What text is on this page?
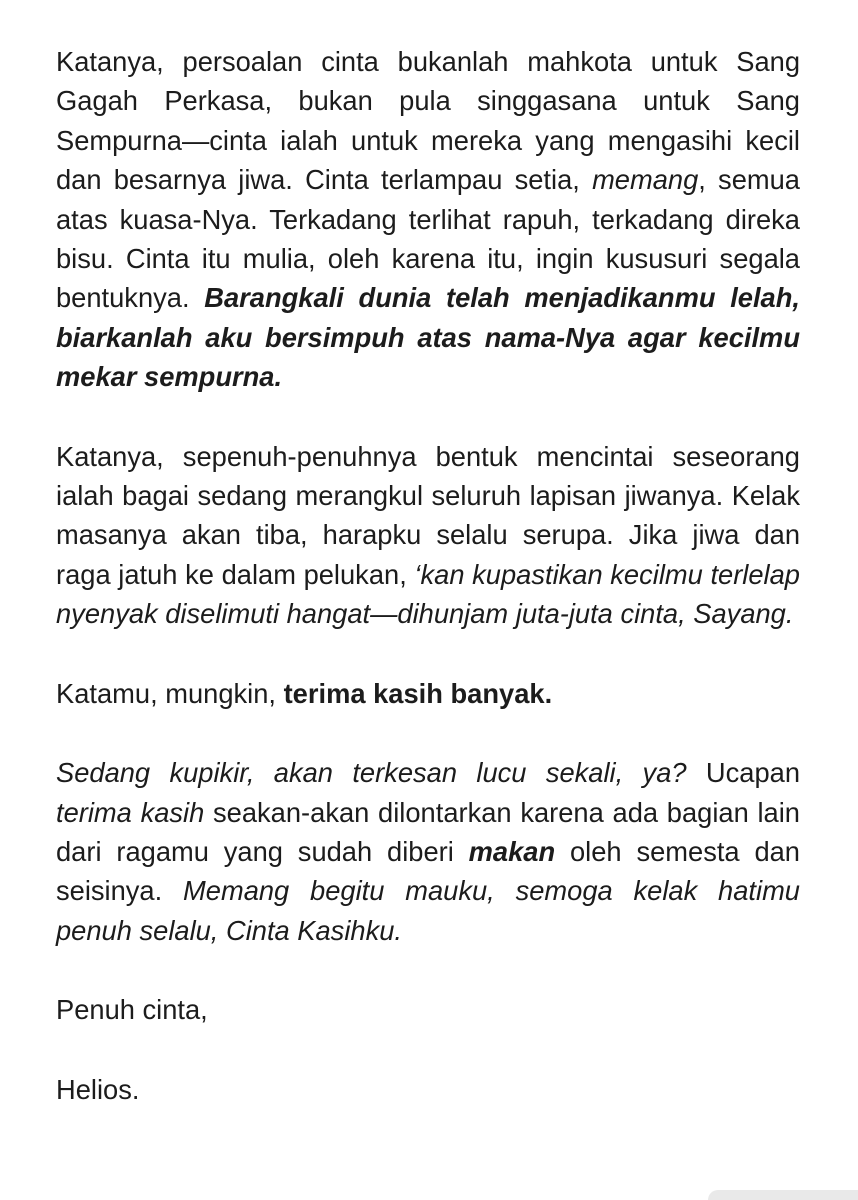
Katanya, persoalan cinta bukanlah mahkota untuk Sang Gagah Perkasa, bukan pula singgasana untuk Sang Sempurna—cinta ialah untuk mereka yang mengasihi kecil dan besarnya jiwa. Cinta terlampau setia, memang, semua atas kuasa-Nya. Terkadang terlihat rapuh, terkadang direka bisu. Cinta itu mulia, oleh karena itu, ingin kususuri segala bentuknya. Barangkali dunia telah menjadikanmu lelah, biarkanlah aku bersimpuh atas nama-Nya agar kecilmu mekar sempurna.

Katanya, sepenuh-penuhnya bentuk mencintai seseorang ialah bagai sedang merangkul seluruh lapisan jiwanya. Kelak masanya akan tiba, harapku selalu serupa. Jika jiwa dan raga jatuh ke dalam pelukan, ‘kan kupastikan kecilmu terlelap nyenyak diselimuti hangat—dihunjam juta-juta cinta, Sayang.

Katamu, mungkin, terima kasih banyak.

Sedang kupikir, akan terkesan lucu sekali, ya? Ucapan terima kasih seakan-akan dilontarkan karena ada bagian lain dari ragamu yang sudah diberi makan oleh semesta dan seisinya. Memang begitu mauku, semoga kelak hatimu penuh selalu, Cinta Kasihku.

Penuh cinta,

Helios.
